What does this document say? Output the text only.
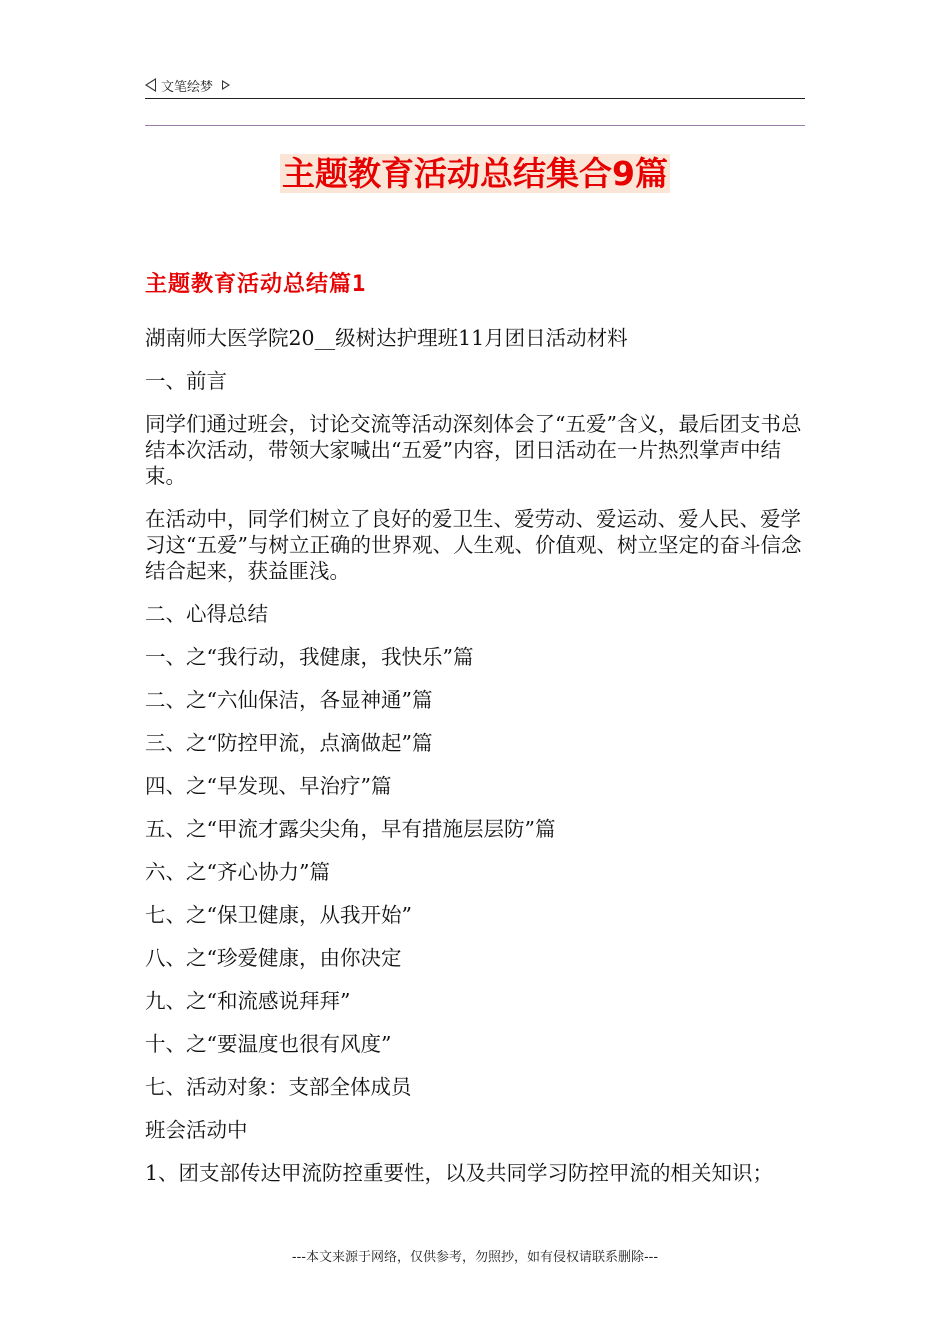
文笔绘梦
主题教育活动总结集合9篇
主题教育活动总结篇1

湖南师大医学院20__级树达护理班11月团日活动材料

一、前言

同学们通过班会，讨论交流等活动深刻体会了“五爱”含义，最后团支书总结本次活动，带领大家喊出“五爱”内容，团日活动在一片热烈掌声中结束。

在活动中，同学们树立了良好的爱卫生、爱劳动、爱运动、爱人民、爱学习这“五爱”与树立正确的世界观、人生观、价值观、树立坚定的奋斗信念结合起来，获益匪浅。

二、心得总结

一、之“我行动，我健康，我快乐”篇

二、之“六仙保洁，各显神通”篇

三、之“防控甲流，点滴做起”篇

四、之“早发现、早治疗”篇

五、之“甲流才露尖尖角，早有措施层层防”篇

六、之“齐心协力”篇

七、之“保卫健康，从我开始”

八、之“珍爱健康，由你决定

九、之“和流感说拜拜”

十、之“要温度也很有风度”

七、活动对象：支部全体成员

班会活动中

1、团支部传达甲流防控重要性，以及共同学习防控甲流的相关知识；

---本文来源于网络，仅供参考，勿照抄，如有侵权请联系删除---
